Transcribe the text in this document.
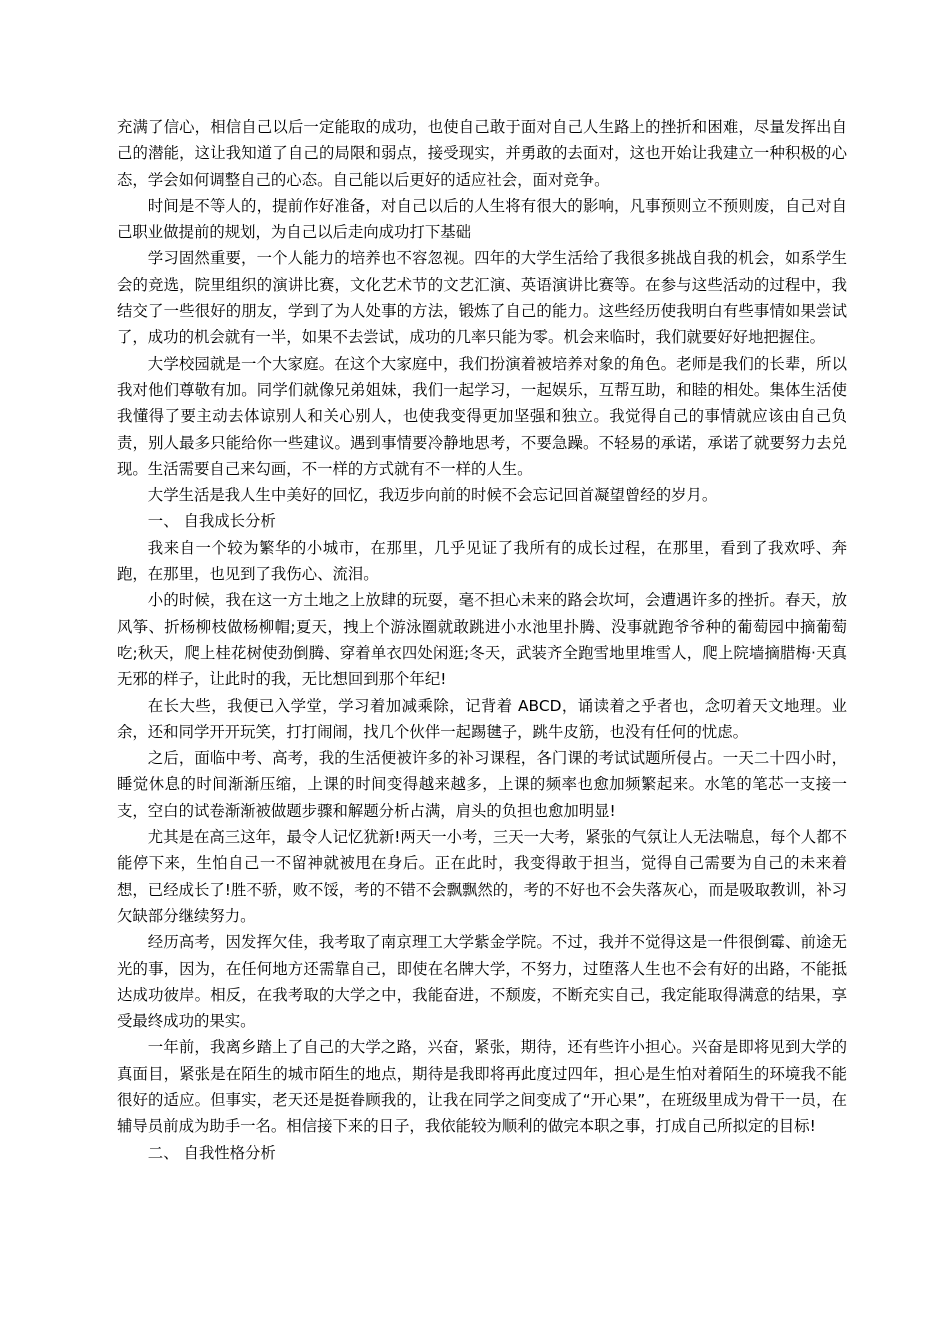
充满了信心，相信自己以后一定能取的成功，也使自己敢于面对自己人生路上的挫折和困难，尽量发挥出自己的潜能，这让我知道了自己的局限和弱点，接受现实，并勇敢的去面对，这也开始让我建立一种积极的心态，学会如何调整自己的心态。自己能以后更好的适应社会，面对竞争。

时间是不等人的，提前作好准备，对自己以后的人生将有很大的影响，凡事预则立不预则废，自己对自己职业做提前的规划，为自己以后走向成功打下基础

学习固然重要，一个人能力的培养也不容忽视。四年的大学生活给了我很多挑战自我的机会，如系学生会的竞选，院里组织的演讲比赛，文化艺术节的文艺汇演、英语演讲比赛等。在参与这些活动的过程中，我结交了一些很好的朋友，学到了为人处事的方法，锻炼了自己的能力。这些经历使我明白有些事情如果尝试了，成功的机会就有一半，如果不去尝试，成功的几率只能为零。机会来临时，我们就要好好地把握住。

大学校园就是一个大家庭。在这个大家庭中，我们扮演着被培养对象的角色。老师是我们的长辈，所以我对他们尊敬有加。同学们就像兄弟姐妹，我们一起学习，一起娱乐，互帮互助，和睦的相处。集体生活使我懂得了要主动去体谅别人和关心别人，也使我变得更加坚强和独立。我觉得自己的事情就应该由自己负责，别人最多只能给你一些建议。遇到事情要冷静地思考，不要急躁。不轻易的承诺，承诺了就要努力去兑现。生活需要自己来勾画，不一样的方式就有不一样的人生。

大学生活是我人生中美好的回忆，我迈步向前的时候不会忘记回首凝望曾经的岁月。

一、 自我成长分析

我来自一个较为繁华的小城市，在那里，几乎见证了我所有的成长过程，在那里，看到了我欢呼、奔跑，在那里，也见到了我伤心、流泪。

小的时候，我在这一方土地之上放肆的玩耍，毫不担心未来的路会坎坷，会遭遇许多的挫折。春天，放风筝、折杨柳枝做杨柳帽;夏天，拽上个游泳圈就敢跳进小水池里扑腾、没事就跑爷爷种的葡萄园中摘葡萄吃;秋天，爬上桂花树使劲倒腾、穿着单衣四处闲逛;冬天，武装齐全跑雪地里堆雪人，爬上院墙摘腊梅·天真无邪的样子，让此时的我，无比想回到那个年纪!

在长大些，我便已入学堂，学习着加减乘除，记背着 ABCD，诵读着之乎者也，念叨着天文地理。业余，还和同学开开玩笑，打打闹闹，找几个伙伴一起踢毽子，跳牛皮筋，也没有任何的忧虑。

之后，面临中考、高考，我的生活便被许多的补习课程，各门课的考试试题所侵占。一天二十四小时，睡觉休息的时间渐渐压缩，上课的时间变得越来越多，上课的频率也愈加频繁起来。水笔的笔芯一支接一支，空白的试卷渐渐被做题步骤和解题分析占满，肩头的负担也愈加明显!

尤其是在高三这年，最令人记忆犹新!两天一小考，三天一大考，紧张的气氛让人无法喘息，每个人都不能停下来，生怕自己一不留神就被甩在身后。正在此时，我变得敢于担当，觉得自己需要为自己的未来着想，已经成长了!胜不骄，败不馁，考的不错不会飘飘然的，考的不好也不会失落灰心，而是吸取教训，补习欠缺部分继续努力。

经历高考，因发挥欠佳，我考取了南京理工大学紫金学院。不过，我并不觉得这是一件很倒霉、前途无光的事，因为，在任何地方还需靠自己，即使在名牌大学，不努力，过堕落人生也不会有好的出路，不能抵达成功彼岸。相反，在我考取的大学之中，我能奋进，不颓废，不断充实自己，我定能取得满意的结果，享受最终成功的果实。

一年前，我离乡踏上了自己的大学之路，兴奋，紧张，期待，还有些许小担心。兴奋是即将见到大学的真面目，紧张是在陌生的城市陌生的地点，期待是我即将再此度过四年，担心是生怕对着陌生的环境我不能很好的适应。但事实，老天还是挺眷顾我的，让我在同学之间变成了“开心果”，在班级里成为骨干一员，在辅导员前成为助手一名。相信接下来的日子，我依能较为顺利的做完本职之事，打成自己所拟定的目标!

二、 自我性格分析
